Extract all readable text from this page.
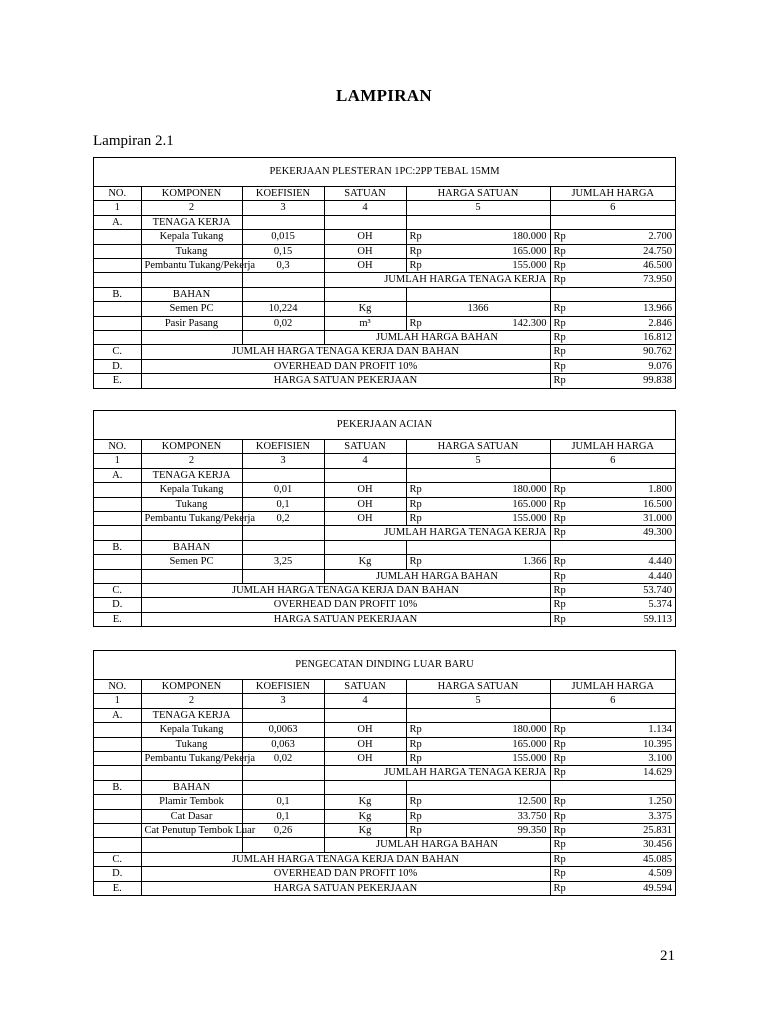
LAMPIRAN
Lampiran 2.1
PEKERJAAN PLESTERAN 1PC:2PP TEBAL 15MM
NO.	KOMPONEN	KOEFISIEN	SATUAN	HARGA SATUAN	JUMLAH HARGA
1	2	3	4	5	6
A.	TENAGA KERJA				
	Kepala Tukang	0,015	OH	Rp 180.000	Rp 2.700

	Tukang	0,15	OH	Rp 165.000	Rp 24.750

	Pembantu Tukang/Pekerja	0,3	OH	Rp 155.000	Rp 46.500

			JUMLAH HARGA TENAGA KERJA		Rp 73.950

B.	BAHAN				
	Semen PC	10,224	Kg	1366	Rp 13.966

	Pasir Pasang	0,02	m³	Rp 142.300	Rp 2.846

			JUMLAH HARGA BAHAN		Rp 16.812

C.	JUMLAH HARGA TENAGA KERJA DAN BAHAN				Rp 90.762

D.	OVERHEAD DAN PROFIT 10%				Rp 9.076

E.	HARGA SATUAN PEKERJAAN				Rp 99.838
PEKERJAAN ACIAN
NO.	KOMPONEN	KOEFISIEN	SATUAN	HARGA SATUAN	JUMLAH HARGA
1	2	3	4	5	6
A.	TENAGA KERJA				
	Kepala Tukang	0,01	OH	Rp 180.000	Rp 1.800

	Tukang	0,1	OH	Rp 165.000	Rp 16.500

	Pembantu Tukang/Pekerja	0,2	OH	Rp 155.000	Rp 31.000

			JUMLAH HARGA TENAGA KERJA		Rp 49.300

B.	BAHAN				
	Semen PC	3,25	Kg	Rp 1.366	Rp 4.440

			JUMLAH HARGA BAHAN		Rp 4.440

C.	JUMLAH HARGA TENAGA KERJA DAN BAHAN				Rp 53.740

D.	OVERHEAD DAN PROFIT 10%				Rp 5.374

E.	HARGA SATUAN PEKERJAAN				Rp 59.113
PENGECATAN DINDING LUAR BARU
NO.	KOMPONEN	KOEFISIEN	SATUAN	HARGA SATUAN	JUMLAH HARGA
1	2	3	4	5	6
A.	TENAGA KERJA				
	Kepala Tukang	0,0063	OH	Rp 180.000	Rp 1.134

	Tukang	0,063	OH	Rp 165.000	Rp 10.395

	Pembantu Tukang/Pekerja	0,02	OH	Rp 155.000	Rp 3.100

			JUMLAH HARGA TENAGA KERJA		Rp 14.629

B.	BAHAN				
	Plamir Tembok	0,1	Kg	Rp 12.500	Rp 1.250

	Cat Dasar	0,1	Kg	Rp 33.750	Rp 3.375

	Cat Penutup Tembok Luar	0,26	Kg	Rp 99.350	Rp 25.831

			JUMLAH HARGA BAHAN		Rp 30.456

C.	JUMLAH HARGA TENAGA KERJA DAN BAHAN				Rp 45.085

D.	OVERHEAD DAN PROFIT 10%				Rp 4.509

E.	HARGA SATUAN PEKERJAAN				Rp 49.594
21
